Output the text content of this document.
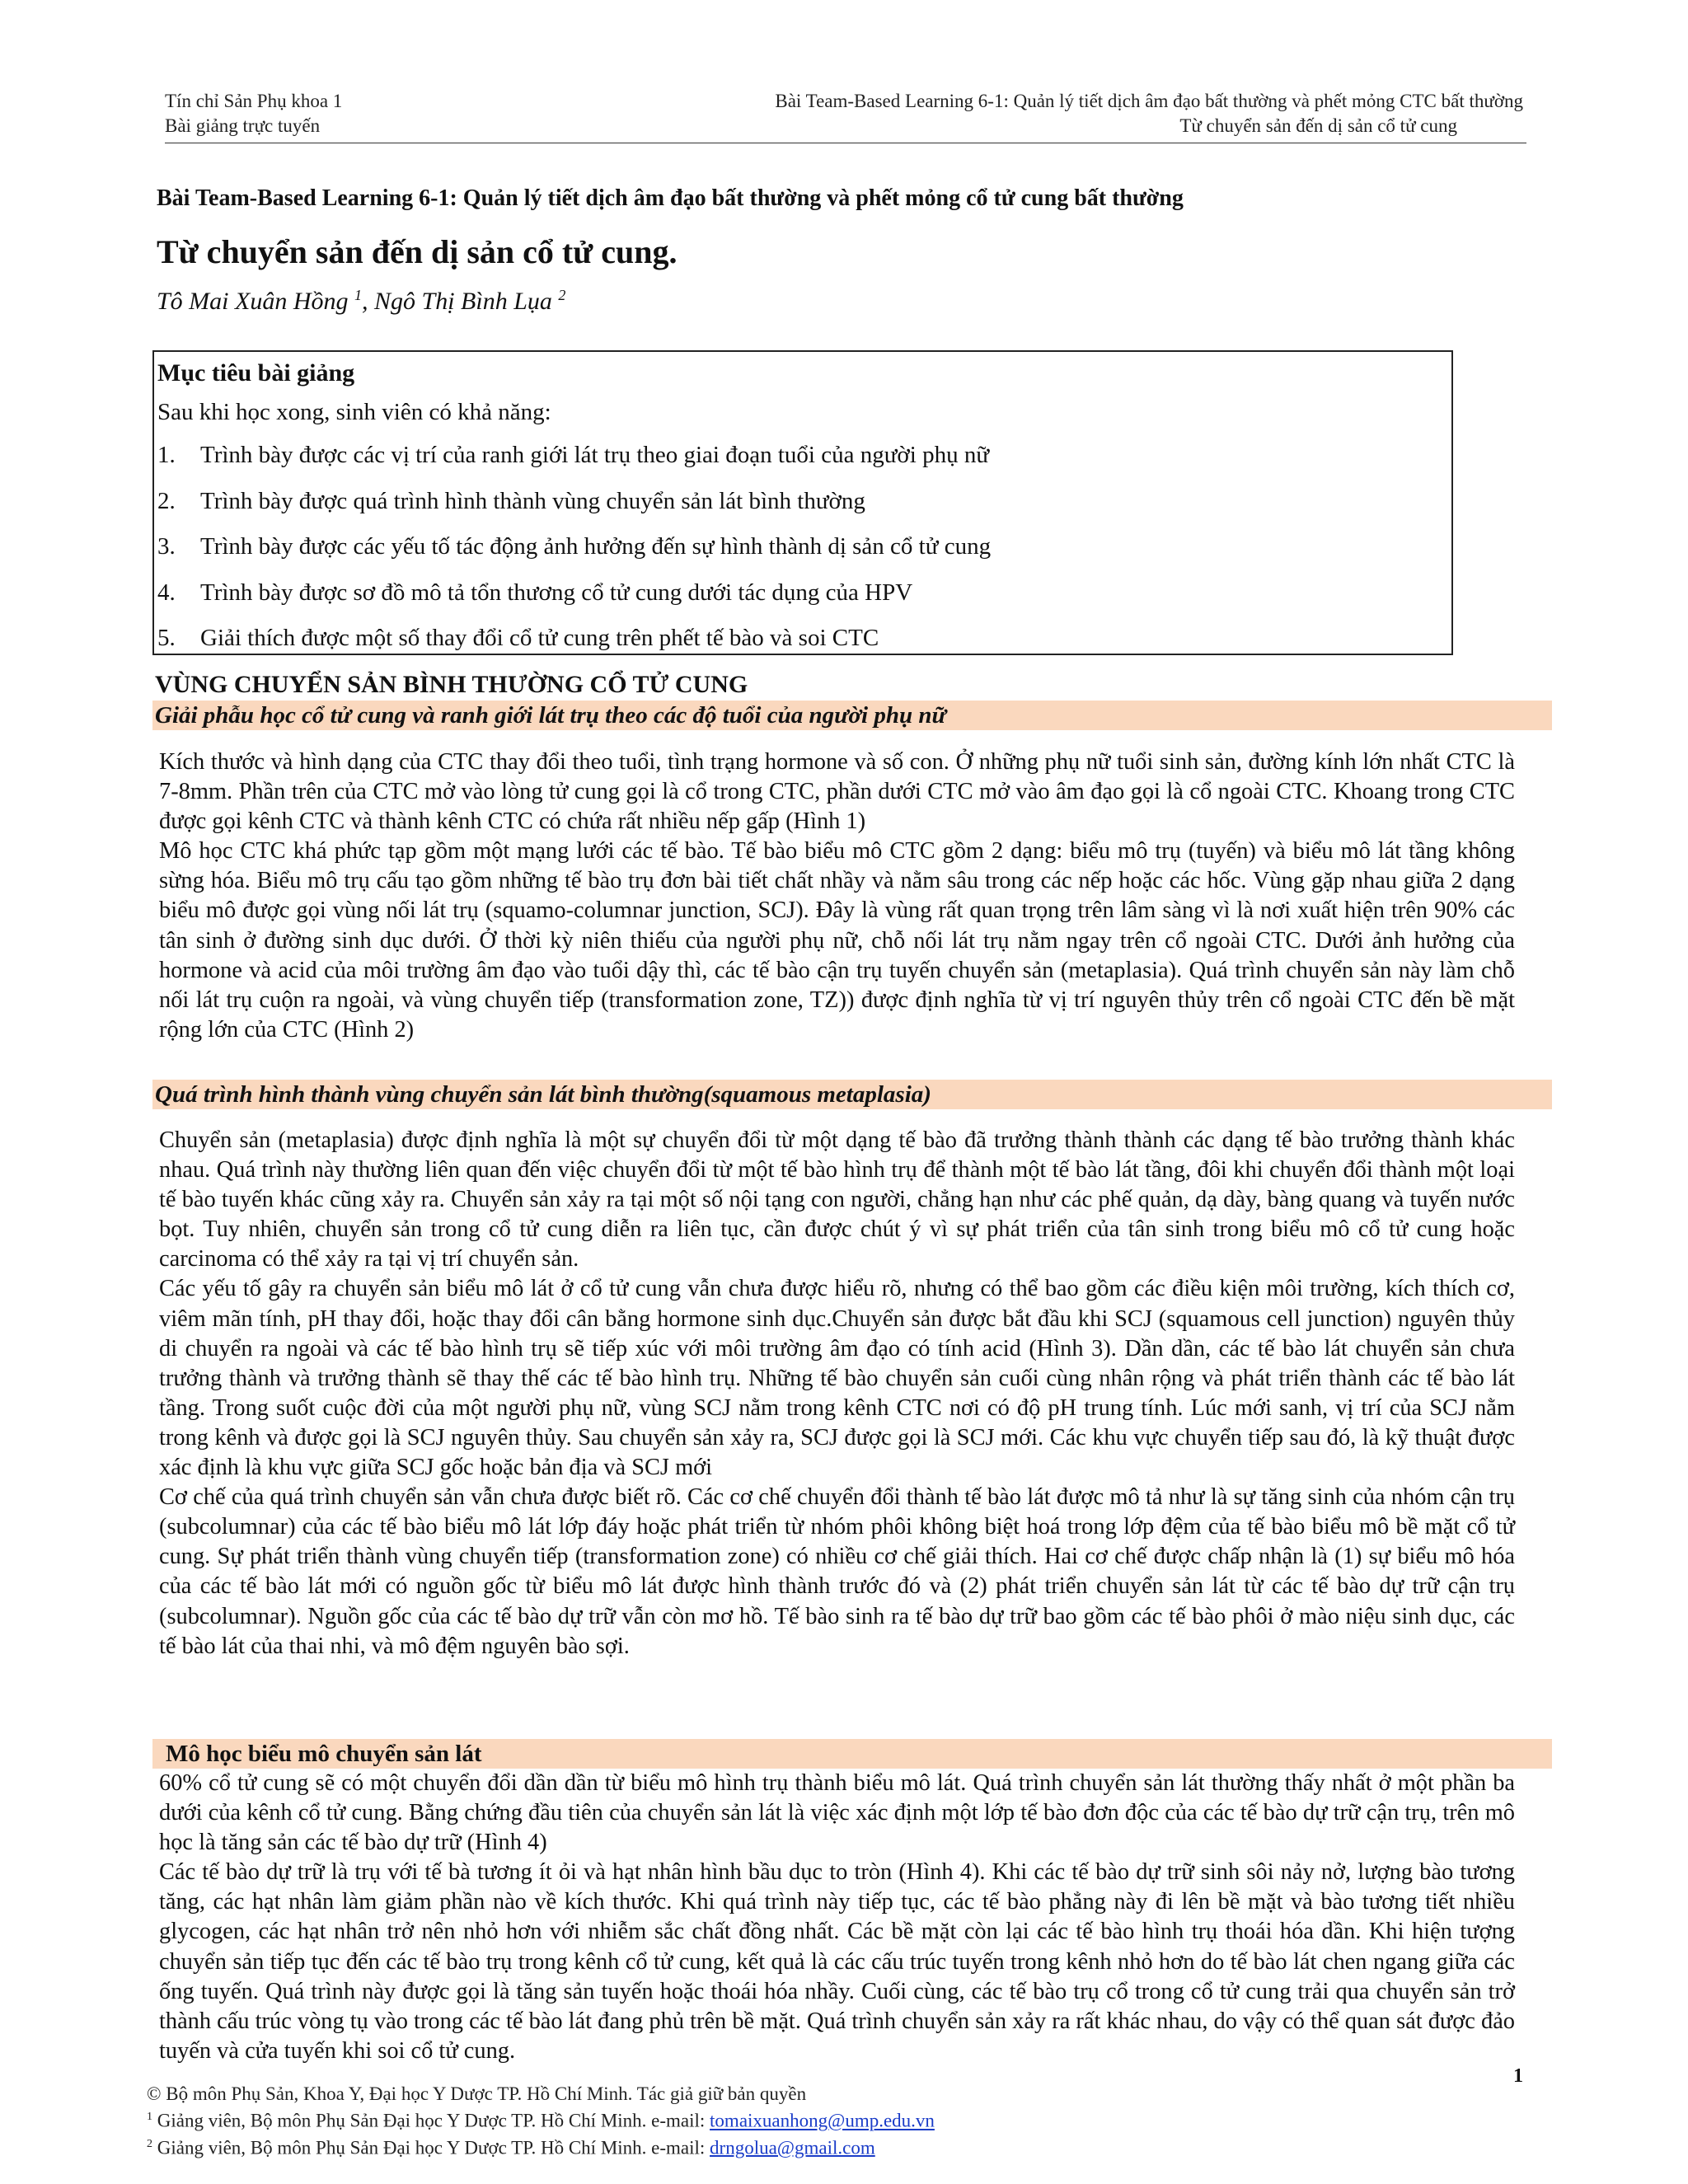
Tín chỉ Sản Phụ khoa 1	Bài Team-Based Learning 6-1: Quản lý tiết dịch âm đạo bất thường và phết mỏng CTC bất thường
Bài giảng trực tuyến	Từ chuyển sản đến dị sản cổ tử cung
Bài Team-Based Learning 6-1: Quản lý tiết dịch âm đạo bất thường và phết mỏng cổ tử cung bất thường
Từ chuyển sản đến dị sản cổ tử cung.
Tô Mai Xuân Hồng $^1$, Ngô Thị Bình Lụa $^2$
Mục tiêu bài giảng
Sau khi học xong, sinh viên có khả năng:
1.	Trình bày được các vị trí của ranh giới lát trụ theo giai đoạn tuổi của người phụ nữ
2.	Trình bày được quá trình hình thành vùng chuyển sản lát bình thường
3.	Trình bày được các yếu tố tác động ảnh hưởng đến sự hình thành dị sản cổ tử cung
4.	Trình bày được sơ đồ mô tả tổn thương cổ tử cung dưới tác dụng của HPV
5.	Giải thích được một số thay đổi cổ tử cung trên phết tế bào và soi CTC
VÙNG CHUYỂN SẢN BÌNH THƯỜNG CỔ TỬ CUNG
Giải phẫu học cổ tử cung và ranh giới lát trụ theo các độ tuổi của người phụ nữ

Kích thước và hình dạng của CTC thay đổi theo tuổi, tình trạng hormone và số con. Ở những phụ nữ tuổi sinh sản, đường kính lớn nhất CTC là 7-8mm. Phần trên của CTC mở vào lòng tử cung gọi là cổ trong CTC, phần dưới CTC mở vào âm đạo gọi là cổ ngoài CTC. Khoang trong CTC được gọi kênh CTC và thành kênh CTC có chứa rất nhiều nếp gấp (Hình 1)

Mô học CTC khá phức tạp gồm một mạng lưới các tế bào. Tế bào biểu mô CTC gồm 2 dạng: biểu mô trụ (tuyến) và biểu mô lát tầng không sừng hóa. Biểu mô trụ cấu tạo gồm những tế bào trụ đơn bài tiết chất nhầy và nằm sâu trong các nếp hoặc các hốc. Vùng gặp nhau giữa 2 dạng biểu mô được gọi vùng nối lát trụ (squamo-columnar junction, SCJ). Đây là vùng rất quan trọng trên lâm sàng vì là nơi xuất hiện trên 90% các tân sinh ở đường sinh dục dưới. Ở thời kỳ niên thiếu của người phụ nữ, chỗ nối lát trụ nằm ngay trên cổ ngoài CTC. Dưới ảnh hưởng của hormone và acid của môi trường âm đạo vào tuổi dậy thì, các tế bào cận trụ tuyến chuyển sản (metaplasia). Quá trình chuyển sản này làm chỗ nối lát trụ cuộn ra ngoài, và vùng chuyển tiếp (transformation zone, TZ)) được định nghĩa từ vị trí nguyên thủy trên cổ ngoài CTC đến bề mặt rộng lớn của CTC (Hình 2)

Quá trình hình thành vùng chuyển sản lát bình thường(squamous metaplasia)

Chuyển sản (metaplasia) được định nghĩa là một sự chuyển đổi từ một dạng tế bào đã trưởng thành thành các dạng tế bào trưởng thành khác nhau. Quá trình này thường liên quan đến việc chuyển đổi từ một tế bào hình trụ để thành một tế bào lát tầng, đôi khi chuyển đổi thành một loại tế bào tuyến khác cũng xảy ra. Chuyển sản xảy ra tại một số nội tạng con người, chẳng hạn như các phế quản, dạ dày, bàng quang và tuyến nước bọt. Tuy nhiên, chuyển sản trong cổ tử cung diễn ra liên tục, cần được chút ý vì sự phát triển của tân sinh trong biểu mô cổ tử cung hoặc carcinoma có thể xảy ra tại vị trí chuyển sản.

Các yếu tố gây ra chuyển sản biểu mô lát ở cổ tử cung vẫn chưa được hiểu rõ, nhưng có thể bao gồm các điều kiện môi trường, kích thích cơ, viêm mãn tính, pH thay đổi, hoặc thay đổi cân bằng hormone sinh dục.Chuyển sản được bắt đầu khi SCJ (squamous cell junction) nguyên thủy di chuyển ra ngoài và các tế bào hình trụ sẽ tiếp xúc với môi trường âm đạo có tính acid (Hình 3). Dần dần, các tế bào lát chuyển sản chưa trưởng thành và trưởng thành sẽ thay thế các tế bào hình trụ. Những tế bào chuyển sản cuối cùng nhân rộng và phát triển thành các tế bào lát tầng. Trong suốt cuộc đời của một người phụ nữ, vùng SCJ nằm trong kênh CTC nơi có độ pH trung tính. Lúc mới sanh, vị trí của SCJ nằm trong kênh và được gọi là SCJ nguyên thủy. Sau chuyển sản xảy ra, SCJ được gọi là SCJ mới. Các khu vực chuyển tiếp sau đó, là kỹ thuật được xác định là khu vực giữa SCJ gốc hoặc bản địa và SCJ mới

Cơ chế của quá trình chuyển sản vẫn chưa được biết rõ. Các cơ chế chuyển đổi thành tế bào lát được mô tả như là sự tăng sinh của nhóm cận trụ (subcolumnar) của các tế bào biểu mô lát lớp đáy hoặc phát triển từ nhóm phôi không biệt hoá trong lớp đệm của tế bào biểu mô bề mặt cổ tử cung. Sự phát triển thành vùng chuyển tiếp (transformation zone) có nhiều cơ chế giải thích. Hai cơ chế được chấp nhận là (1) sự biểu mô hóa của các tế bào lát mới có nguồn gốc từ biểu mô lát được hình thành trước đó và (2) phát triển chuyển sản lát từ các tế bào dự trữ cận trụ (subcolumnar). Nguồn gốc của các tế bào dự trữ vẫn còn mơ hồ. Tế bào sinh ra tế bào dự trữ bao gồm các tế bào phôi ở mào niệu sinh dục, các tế bào lát của thai nhi, và mô đệm nguyên bào sợi.

Mô học biểu mô chuyển sản lát

60% cổ tử cung sẽ có một chuyển đổi dần dần từ biểu mô hình trụ thành biểu mô lát. Quá trình chuyển sản lát thường thấy nhất ở một phần ba dưới của kênh cổ tử cung. Bằng chứng đầu tiên của chuyển sản lát là việc xác định một lớp tế bào đơn độc của các tế bào dự trữ cận trụ, trên mô học là tăng sản các tế bào dự trữ (Hình 4)

Các tế bào dự trữ là trụ với tế bà tương ít ỏi và hạt nhân hình bầu dục to tròn (Hình 4). Khi các tế bào dự trữ sinh sôi nảy nở, lượng bào tương tăng, các hạt nhân làm giảm phần nào về kích thước. Khi quá trình này tiếp tục, các tế bào phẳng này đi lên bề mặt và bào tương tiết nhiều glycogen, các hạt nhân trở nên nhỏ hơn với nhiễm sắc chất đồng nhất. Các bề mặt còn lại các tế bào hình trụ thoái hóa dần. Khi hiện tượng chuyển sản tiếp tục đến các tế bào trụ trong kênh cổ tử cung, kết quả là các cấu trúc tuyến trong kênh nhỏ hơn do tế bào lát chen ngang giữa các ống tuyến. Quá trình này được gọi là tăng sản tuyến hoặc thoái hóa nhầy. Cuối cùng, các tế bào trụ cổ trong cổ tử cung trải qua chuyển sản trở thành cấu trúc vòng tụ vào trong các tế bào lát đang phủ trên bề mặt. Quá trình chuyển sản xảy ra rất khác nhau, do vậy có thể quan sát được đảo tuyến và cửa tuyến khi soi cổ tử cung.

1
© Bộ môn Phụ Sản, Khoa Y, Đại học Y Dược TP. Hồ Chí Minh. Tác giả giữ bản quyền
$^1$ Giảng viên, Bộ môn Phụ Sản Đại học Y Dược TP. Hồ Chí Minh. e-mail: tomaixuanhong@ump.edu.vn
$^2$ Giảng viên, Bộ môn Phụ Sản Đại học Y Dược TP. Hồ Chí Minh. e-mail: drngolua@gmail.com
